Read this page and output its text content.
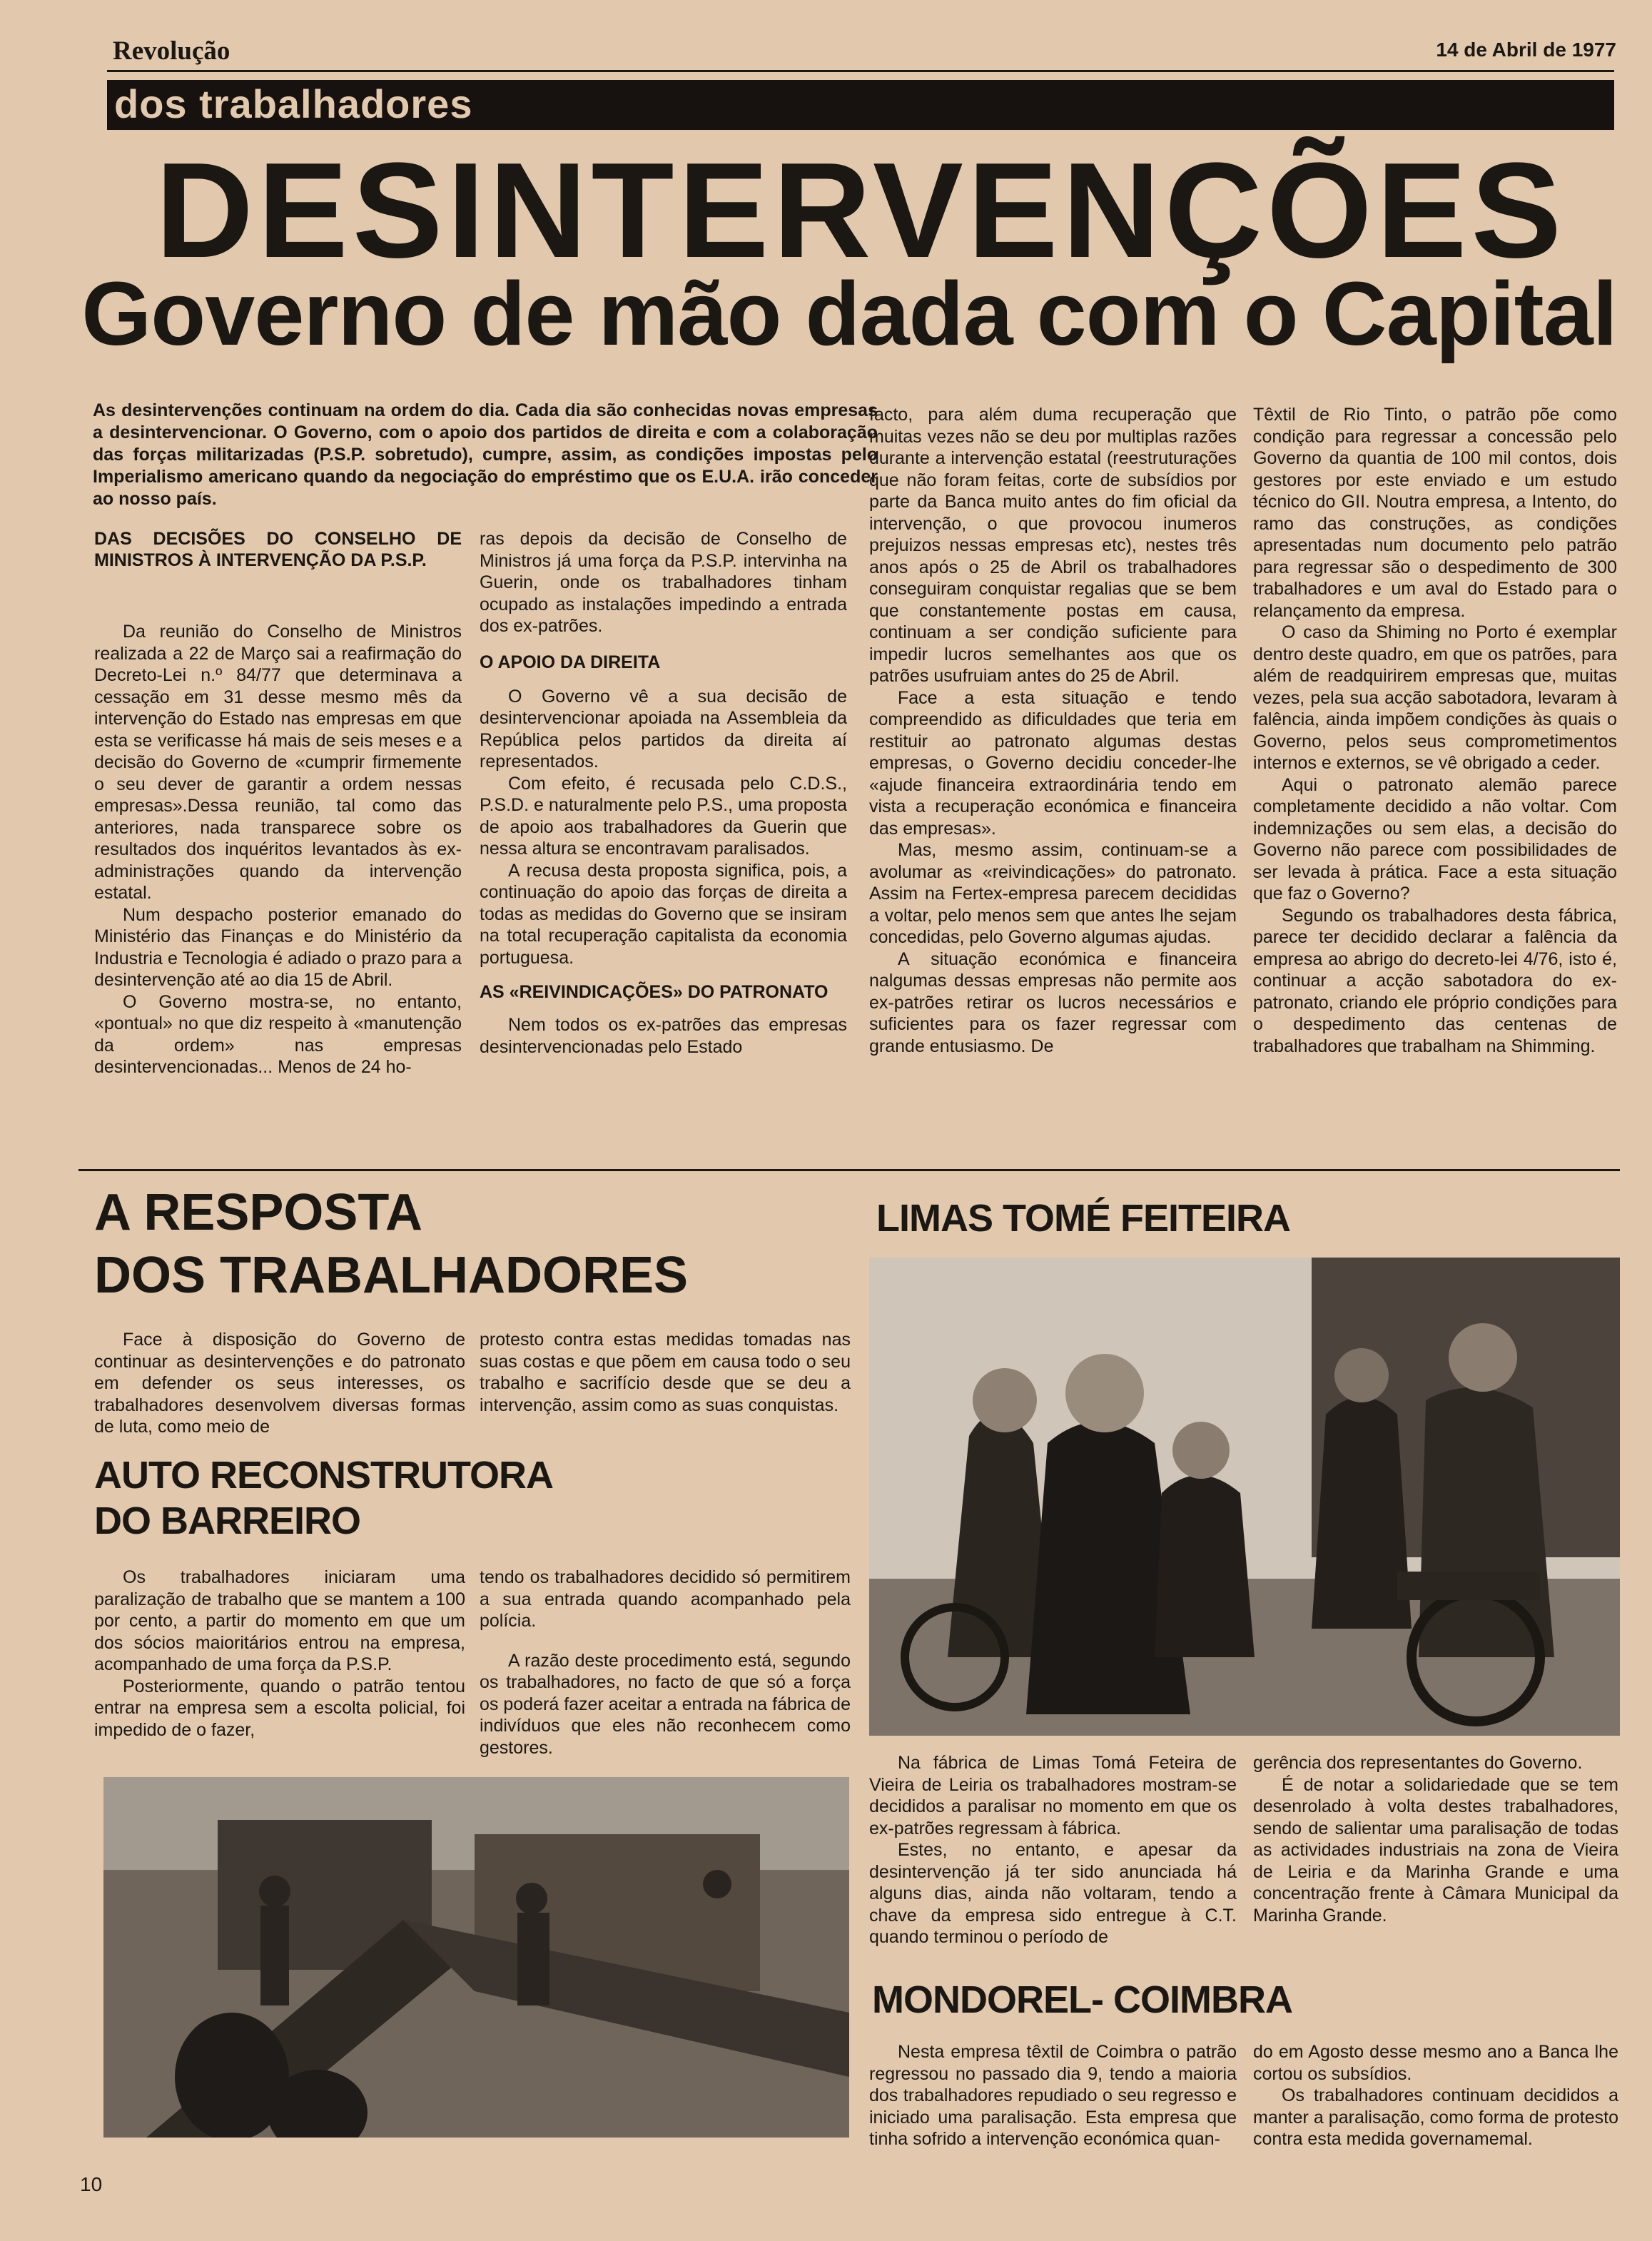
Revolução	14 de Abril de 1977
dos trabalhadores
DESINTERVENÇÕES
Governo de mão dada com o Capital
As desintervenções continuam na ordem do dia. Cada dia são conhecidas novas empresas a desintervencionar. O Governo, com o apoio dos partidos de direita e com a colaboração das forças militarizadas (P.S.P. sobretudo), cumpre, assim, as condições impostas pelo Imperialismo americano quando da negociação do empréstimo que os E.U.A. irão conceder ao nosso país.
DAS DECISÕES DO CONSELHO DE MINISTROS À INTERVENÇÃO DA P.S.P.

Da reunião do Conselho de Ministros realizada a 22 de Março sai a reafirmação do Decreto-Lei n.º 84/77 que determinava a cessação em 31 desse mesmo mês da intervenção do Estado nas empresas em que esta se verificasse há mais de seis meses e a decisão do Governo de «cumprir firmemente o seu dever de garantir a ordem nessas empresas».Dessa reunião, tal como das anteriores, nada transparece sobre os resultados dos inquéritos levantados às ex-administrações quando da intervenção estatal.

Num despacho posterior emanado do Ministério das Finanças e do Ministério da Industria e Tecnologia é adiado o prazo para a desintervenção até ao dia 15 de Abril.

O Governo mostra-se, no entanto, «pontual» no que diz respeito à «manutenção da ordem» nas empresas desintervencionadas... Menos de 24 ho-

ras depois da decisão de Conselho de Ministros já uma força da P.S.P. intervinha na Guerin, onde os trabalhadores tinham ocupado as instalações impedindo a entrada dos ex-patrões.

O APOIO DA DIREITA

O Governo vê a sua decisão de desintervencionar apoiada na Assembleia da República pelos partidos da direita aí representados.

Com efeito, é recusada pelo C.D.S., P.S.D. e naturalmente pelo P.S., uma proposta de apoio aos trabalhadores da Guerin que nessa altura se encontravam paralisados.

A recusa desta proposta significa, pois, a continuação do apoio das forças de direita a todas as medidas do Governo que se insiram na total recuperação capitalista da economia portuguesa.

AS «REIVINDICAÇÕES» DO PATRONATO

Nem todos os ex-patrões das empresas desintervencionadas pelo Estado

facto, para além duma recuperação que muitas vezes não se deu por multiplas razões durante a intervenção estatal (reestruturações que não foram feitas, corte de subsídios por parte da Banca muito antes do fim oficial da intervenção, o que provocou inumeros prejuizos nessas empresas etc), nestes três anos após o 25 de Abril os trabalhadores conseguiram conquistar regalias que se bem que constantemente postas em causa, continuam a ser condição suficiente para impedir lucros semelhantes aos que os patrões usufruiam antes do 25 de Abril.

Face a esta situação e tendo compreendido as dificuldades que teria em restituir ao patronato algumas destas empresas, o Governo decidiu conceder-lhe «ajude financeira extraordinária tendo em vista a recuperação económica e financeira das empresas».

Mas, mesmo assim, continuam-se a avolumar as «reivindicações» do patronato. Assim na Fertex-empresa parecem decididas a voltar, pelo menos sem que antes lhe sejam concedidas, pelo Governo algumas ajudas.

A situação económica e financeira nalgumas dessas empresas não permite aos ex-patrões retirar os lucros necessários e suficientes para os fazer regressar com grande entusiasmo. De

Têxtil de Rio Tinto, o patrão põe como condição para regressar a concessão pelo Governo da quantia de 100 mil contos, dois gestores por este enviado e um estudo técnico do GII. Noutra empresa, a Intento, do ramo das construções, as condições apresentadas num documento pelo patrão para regressar são o despedimento de 300 trabalhadores e um aval do Estado para o relançamento da empresa.

O caso da Shiming no Porto é exemplar dentro deste quadro, em que os patrões, para além de readquirirem empresas que, muitas vezes, pela sua acção sabotadora, levaram à falência, ainda impõem condições às quais o Governo, pelos seus comprometimentos internos e externos, se vê obrigado a ceder.

Aqui o patronato alemão parece completamente decidido a não voltar. Com indemnizações ou sem elas, a decisão do Governo não parece com possibilidades de ser levada à prática. Face a esta situação que faz o Governo?

Segundo os trabalhadores desta fábrica, parece ter decidido declarar a falência da empresa ao abrigo do decreto-lei 4/76, isto é, continuar a acção sabotadora do ex-patronato, criando ele próprio condições para o despedimento das centenas de trabalhadores que trabalham na Shimming.

A RESPOSTA
DOS TRABALHADORES

Face à disposição do Governo de continuar as desintervenções e do patronato em defender os seus interesses, os trabalhadores desenvolvem diversas formas de luta, como meio de

protesto contra estas medidas tomadas nas suas costas e que põem em causa todo o seu trabalho e sacrifício desde que se deu a intervenção, assim como as suas conquistas.

AUTO RECONSTRUTORA
DO BARREIRO

Os trabalhadores iniciaram uma paralização de trabalho que se mantem a 100 por cento, a partir do momento em que um dos sócios maioritários entrou na empresa, acompanhado de uma força da P.S.P.

Posteriormente, quando o patrão tentou entrar na empresa sem a escolta policial, foi impedido de o fazer,

tendo os trabalhadores decidido só permitirem a sua entrada quando acompanhado pela polícia.

A razão deste procedimento está, segundo os trabalhadores, no facto de que só a força os poderá fazer aceitar a entrada na fábrica de indivíduos que eles não reconhecem como gestores.

LIMAS TOMÉ FEITEIRA

Na fábrica de Limas Tomá Feteira de Vieira de Leiria os trabalhadores mostram-se decididos a paralisar no momento em que os ex-patrões regressam à fábrica.

Estes, no entanto, e apesar da desintervenção já ter sido anunciada há alguns dias, ainda não voltaram, tendo a chave da empresa sido entregue à C.T. quando terminou o período de

gerência dos representantes do Governo.

É de notar a solidariedade que se tem desenrolado à volta destes trabalhadores, sendo de salientar uma paralisação de todas as actividades industriais na zona de Vieira de Leiria e da Marinha Grande e uma concentração frente à Câmara Municipal da Marinha Grande.

MONDOREL- COIMBRA

Nesta empresa têxtil de Coimbra o patrão regressou no passado dia 9, tendo a maioria dos trabalhadores repudiado o seu regresso e iniciado uma paralisação. Esta empresa que tinha sofrido a intervenção económica quan-

do em Agosto desse mesmo ano a Banca lhe cortou os subsídios.

Os trabalhadores continuam decididos a manter a paralisação, como forma de protesto contra esta medida governamemal.

10
